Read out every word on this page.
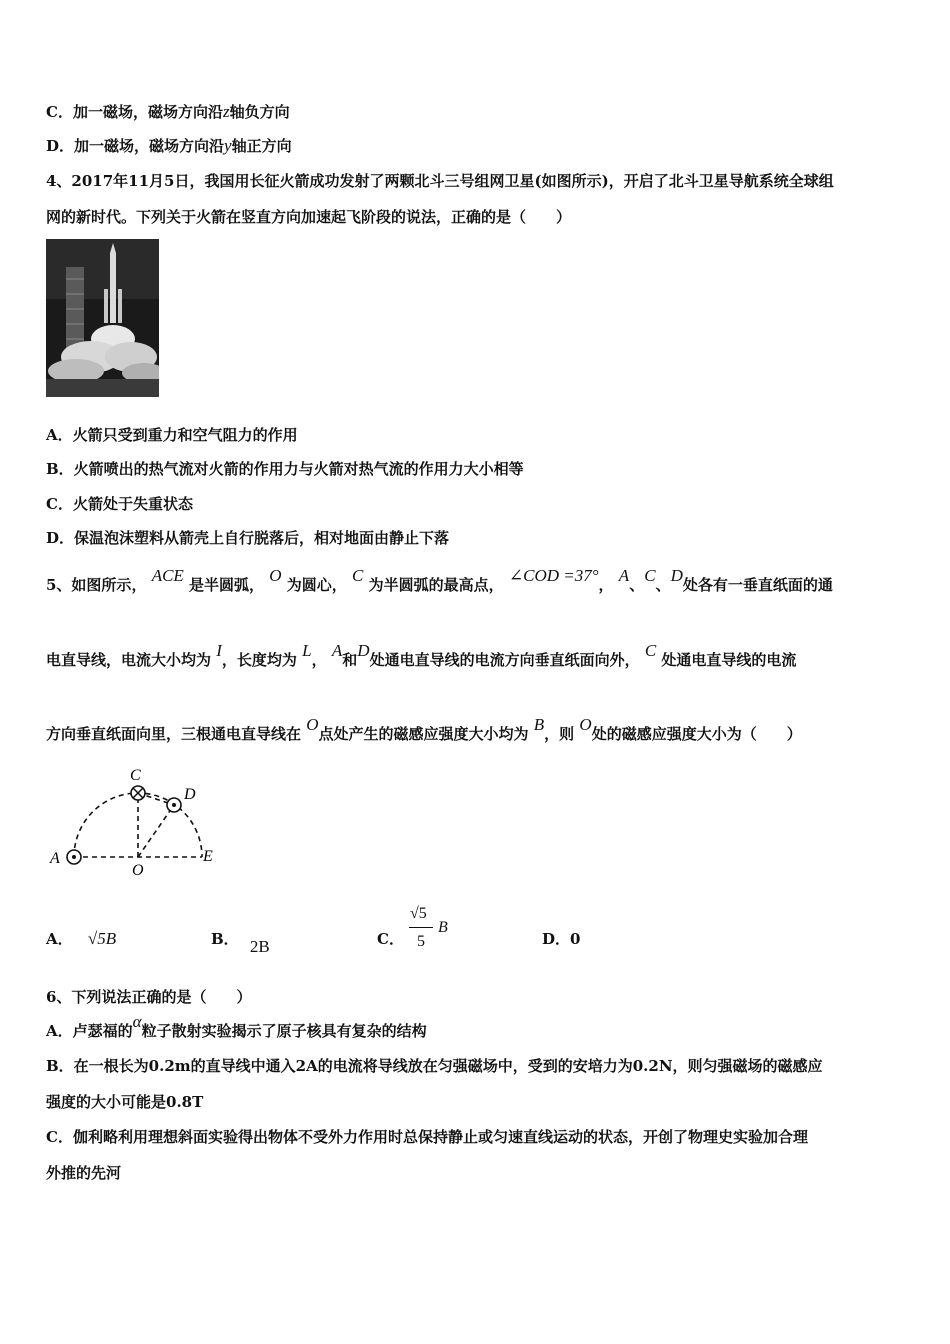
C．加一磁场，磁场方向沿z轴负方向
D．加一磁场，磁场方向沿y轴正方向
4、2017年11月5日，我国用长征火箭成功发射了两颗北斗三号组网卫星(如图所示)，开启了北斗卫星导航系统全球组
网的新时代。下列关于火箭在竖直方向加速起飞阶段的说法，正确的是（　　）
A．火箭只受到重力和空气阻力的作用
B．火箭喷出的热气流对火箭的作用力与火箭对热气流的作用力大小相等
C．火箭处于失重状态
D．保温泡沫塑料从箭壳上自行脱落后，相对地面由静止下落
5、如图所示， ACE 是半圆弧， O 为圆心， C 为半圆弧的最高点， ∠COD =37°， A、C、D处各有一垂直纸面的通
电直导线，电流大小均为 I，长度均为 L， A和D处通电直导线的电流方向垂直纸面向外， C 处通电直导线的电流
方向垂直纸面向里，三根通电直导线在 O点处产生的磁感应强度大小均为 B，则 O处的磁感应强度大小为（　　）
C
D
A
O
E
A． √5B	B． 2B	C．
√5
5
B
D．0
6、下列说法正确的是（　　）
A．卢瑟福的α粒子散射实验揭示了原子核具有复杂的结构
B．在一根长为0.2m的直导线中通入2A的电流将导线放在匀强磁场中，受到的安培力为0.2N，则匀强磁场的磁感应
强度的大小可能是0.8T
C．伽利略利用理想斜面实验得出物体不受外力作用时总保持静止或匀速直线运动的状态，开创了物理史实验加合理
外推的先河
